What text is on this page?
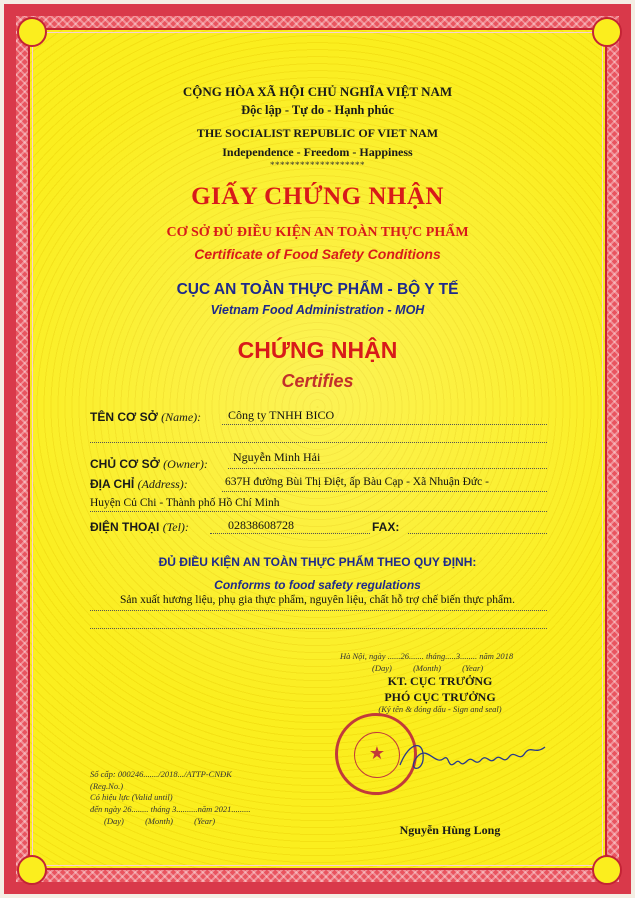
CỘNG HÒA XÃ HỘI CHỦ NGHĨA VIỆT NAM
Độc lập - Tự do - Hạnh phúc
THE SOCIALIST REPUBLIC OF VIET NAM
Independence - Freedom - Happiness
*******************
GIẤY CHỨNG NHẬN
CƠ SỞ ĐỦ ĐIỀU KIỆN AN TOÀN THỰC PHẨM
Certificate of Food Safety Conditions
CỤC AN TOÀN THỰC PHẨM - BỘ Y TẾ
Vietnam Food Administration - MOH
CHỨNG NHẬN
Certifies
TÊN CƠ SỞ (Name): Công ty TNHH BICO
CHỦ CƠ SỞ (Owner): Nguyễn Minh Hải
ĐỊA CHỈ (Address):	637H đường Bùi Thị Điệt, ấp Bàu Cạp - Xã Nhuận Đức -
Huyện Củ Chi - Thành phố Hồ Chí Minh
ĐIỆN THOẠI (Tel):	02838608728	FAX:
ĐỦ ĐIỀU KIỆN AN TOÀN THỰC PHẨM THEO QUY ĐỊNH:
Conforms to food safety regulations
Sản xuất hương liệu, phụ gia thực phẩm, nguyên liệu, chất hỗ trợ chế biến thực phẩm.
Hà Nội, ngày ......26....... tháng.....3........ năm 2018
(Day)          (Month)          (Year)
KT. CỤC TRƯỞNG
PHÓ CỤC TRƯỞNG
(Ký tên & đóng dấu - Sign and seal)
★
Nguyễn Hùng Long
Số cấp: 000246......./2018.../ATTP-CNĐK
(Reg.No.)
Có hiệu lực (Valid until)
đến ngày 26........ tháng 3..........năm 2021.........
(Day)          (Month)          (Year)
